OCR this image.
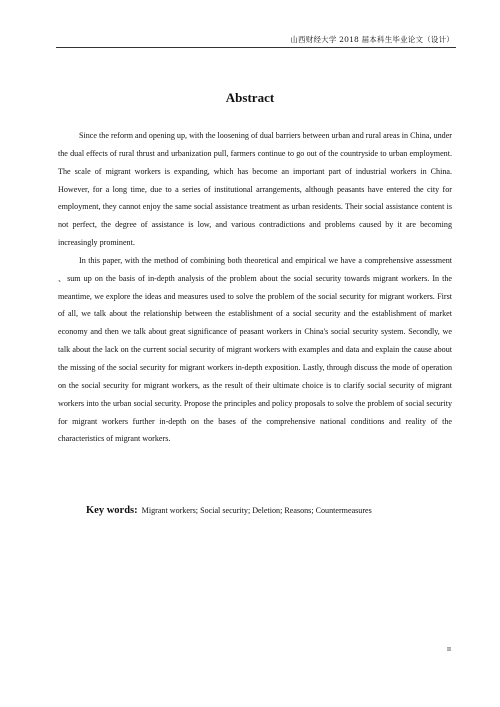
山西财经大学 2018 届本科生毕业论文（设计）
Abstract

Since the reform and opening up, with the loosening of dual barriers between urban and rural areas in China, under the dual effects of rural thrust and urbanization pull, farmers continue to go out of the countryside to urban employment. The scale of migrant workers is expanding, which has become an important part of industrial workers in China. However, for a long time, due to a series of institutional arrangements, although peasants have entered the city for employment, they cannot enjoy the same social assistance treatment as urban residents. Their social assistance content is not perfect, the degree of assistance is low, and various contradictions and problems caused by it are becoming increasingly prominent.

In this paper, with the method of combining both theoretical and empirical we have a comprehensive assessment 、sum up on the basis of in-depth analysis of the problem about the social security towards migrant workers. In the meantime, we explore the ideas and measures used to solve the problem of the social security for migrant workers. First of all, we talk about the relationship between the establishment of a social security and the establishment of market economy and then we talk about great significance of peasant workers in China's social security system. Secondly, we talk about the lack on the current social security of migrant workers with examples and data and explain the cause about the missing of the social security for migrant workers in-depth exposition. Lastly, through discuss the mode of operation on the social security for migrant workers, as the result of their ultimate choice is to clarify social security of migrant workers into the urban social security. Propose the principles and policy proposals to solve the problem of social security for migrant workers further in-depth on the bases of the comprehensive national conditions and reality of the characteristics of migrant workers.

Key words: Migrant workers; Social security; Deletion; Reasons; Countermeasures
II
